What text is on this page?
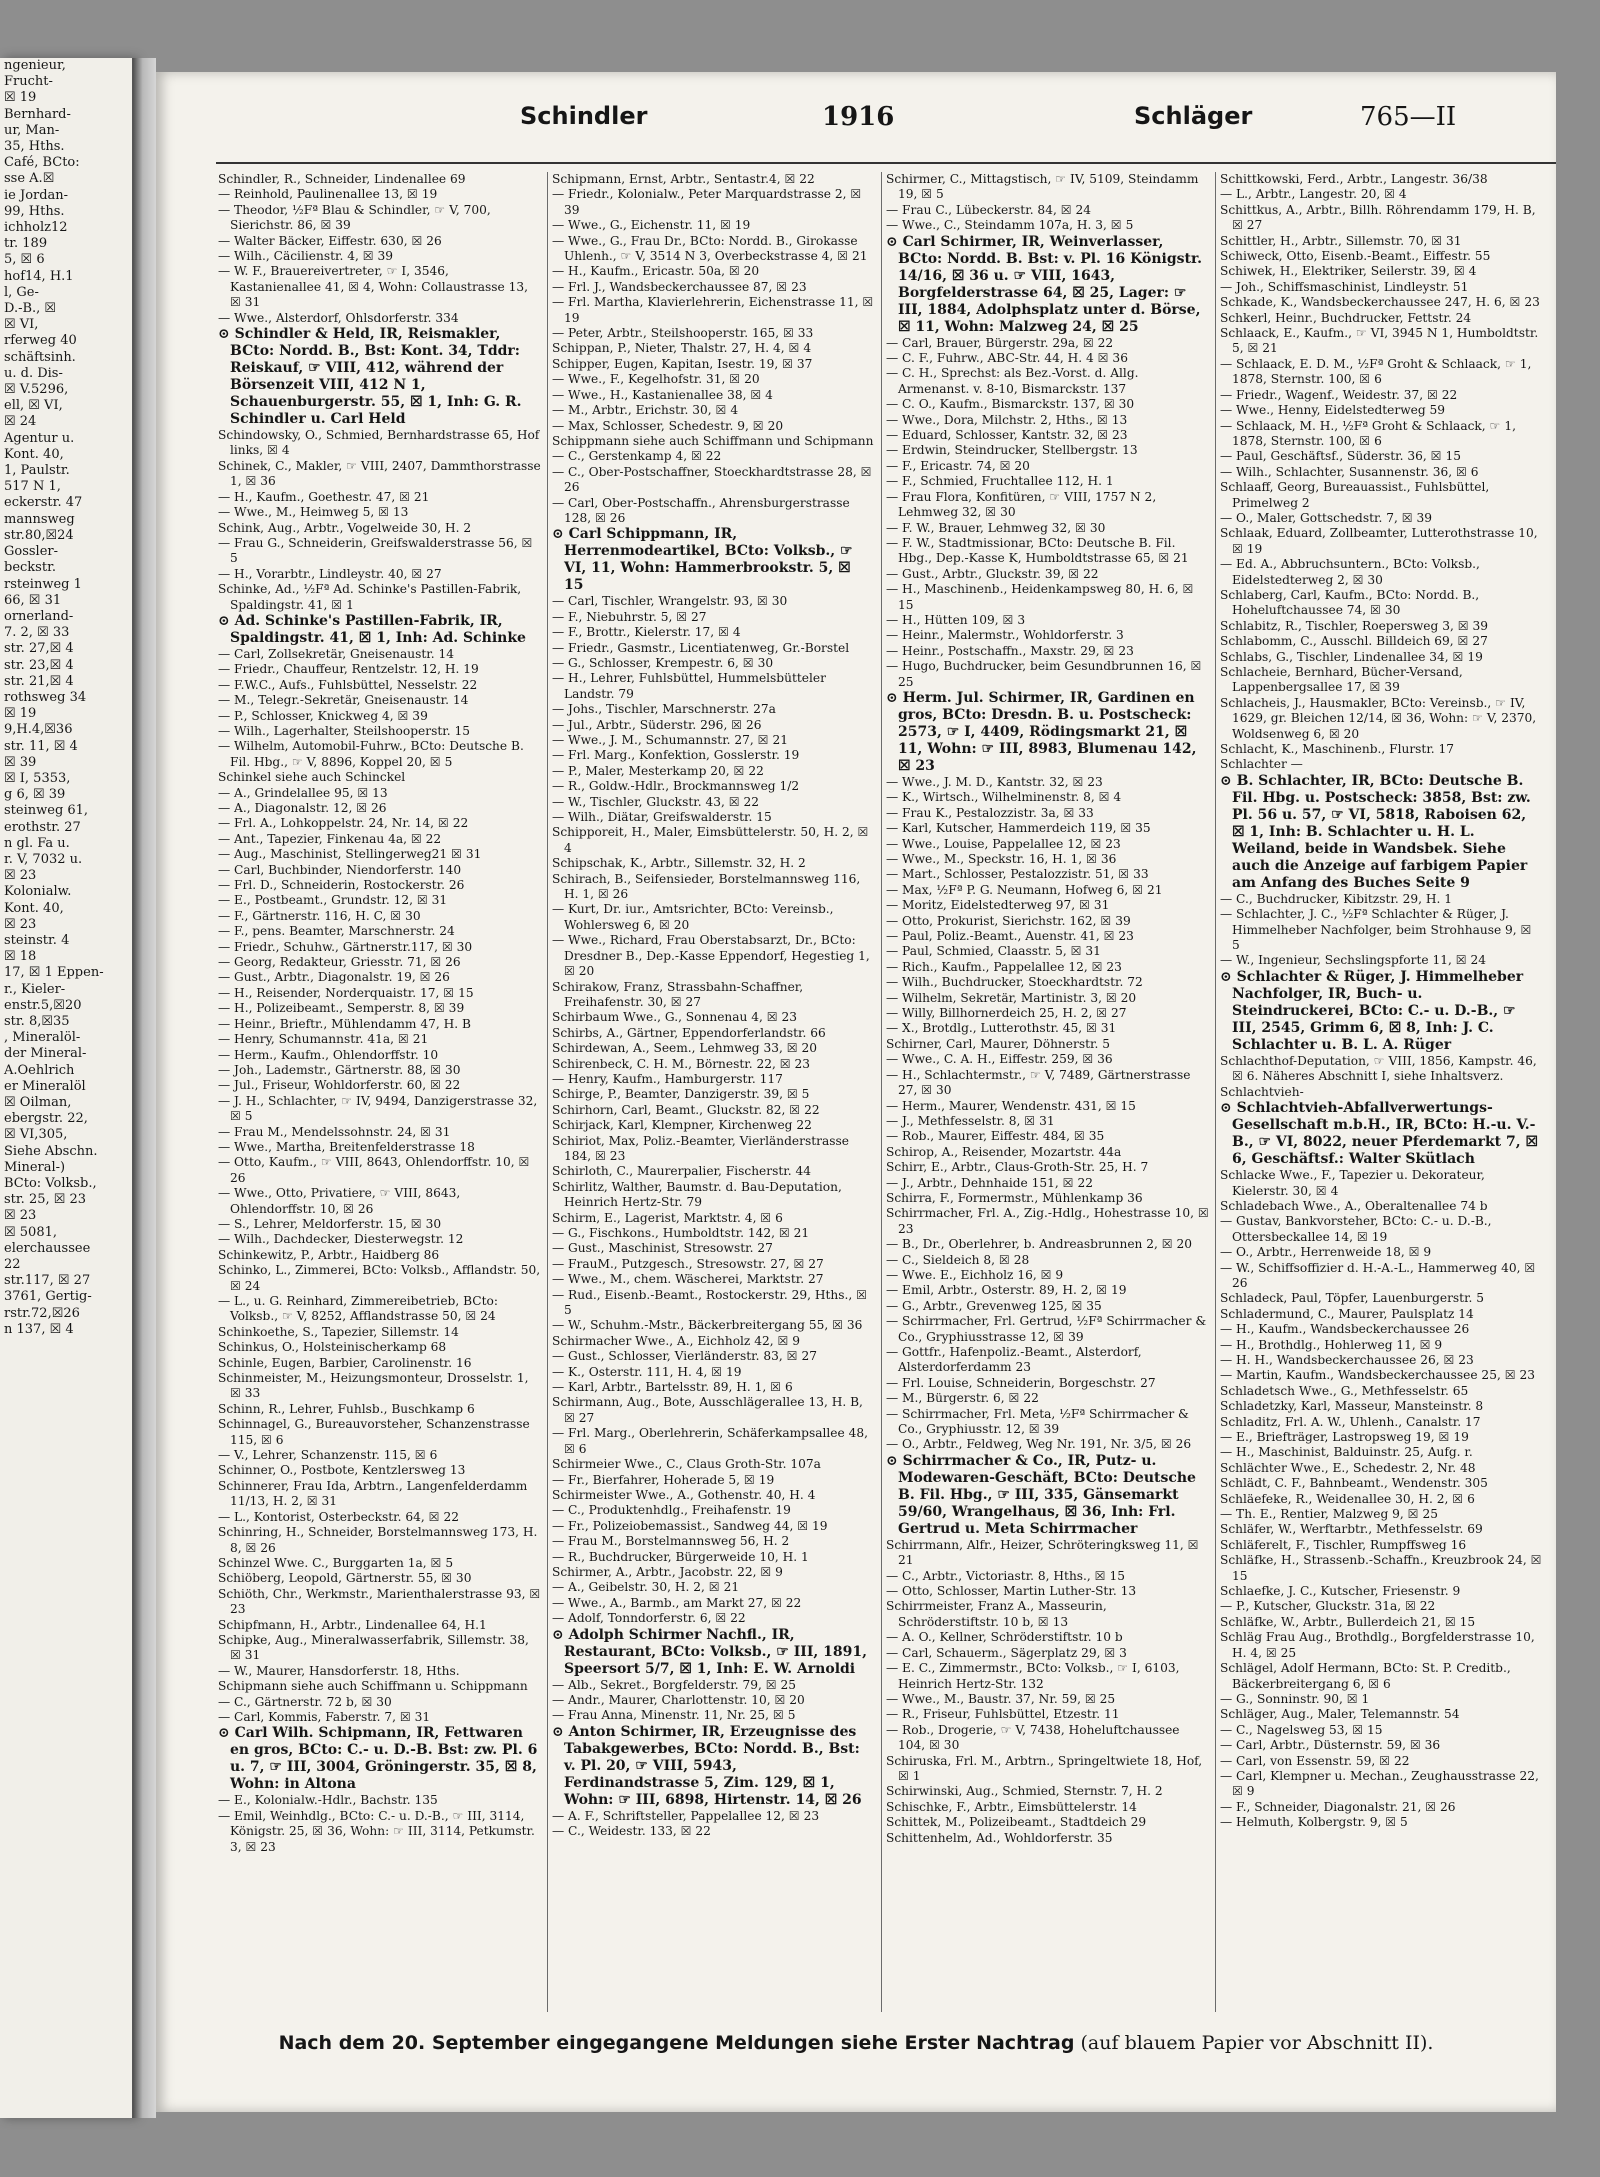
ngenieur,
Frucht-
☒ 19
Bernhard-
ur, Man-
35, Hths.
Café, BCto:
sse A.☒
ie Jordan-
99, Hths.
ichholz12
tr. 189
5, ☒ 6
hof14, H.1
l, Ge-
D.-B., ☒
☒ VI,
rferweg 40
schäftsinh.
u. d. Dis-
☒ V.5296,
ell, ☒ VI,
☒ 24
Agentur u.
Kont. 40,
1, Paulstr.
517 N 1,
eckerstr. 47
mannsweg
str.80,☒24
Gossler-
beckstr.
rsteinweg 1
66, ☒ 31
ornerland-
7. 2, ☒ 33
str. 27,☒ 4
str. 23,☒ 4
str. 21,☒ 4
rothsweg 34
☒ 19
9,H.4,☒36
str. 11, ☒ 4
☒ 39
☒ I, 5353,
g 6, ☒ 39
steinweg 61,
erothstr. 27
n gl. Fa u.
r. V, 7032 u.
☒ 23
Kolonialw.
Kont. 40,
☒ 23
steinstr. 4
☒ 18
17, ☒ 1 Eppen-
r., Kieler-
enstr.5,☒20
str. 8,☒35
, Mineralöl-
der Mineral-
A.Oehlrich
er Mineralöl
☒ Oilman,
ebergstr. 22,
☒ VI,305,
Siehe Abschn.
Mineral-)
BCto: Volksb.,
str. 25, ☒ 23
☒ 23
☒ 5081,
elerchaussee
22
str.117, ☒ 27
3761, Gertig-
rstr.72,☒26
n 137, ☒ 4
Schindler	1916	Schläger	765—II

Schindler, R., Schneider, Lindenallee 69

— Reinhold, Paulinenallee 13, ☒ 19

— Theodor, ½Fª Blau & Schindler, ☞ V, 700, Sierichstr. 86, ☒ 39

— Walter Bäcker, Eiffestr. 630, ☒ 26

— Wilh., Cäcilienstr. 4, ☒ 39

— W. F., Brauereivertreter, ☞ I, 3546, Kastanienallee 41, ☒ 4, Wohn: Collaustrasse 13, ☒ 31

— Wwe., Alsterdorf, Ohlsdorferstr. 334

⊙ Schindler & Held, IR, Reismakler, BCto: Nordd. B., Bst: Kont. 34, Tddr: Reiskauf, ☞ VIII, 412, während der Börsenzeit VIII, 412 N 1, Schauenburgerstr. 55, ☒ 1, Inh: G. R. Schindler u. Carl Held

Schindowsky, O., Schmied, Bernhardstrasse 65, Hof links, ☒ 4

Schinek, C., Makler, ☞ VIII, 2407, Dammthorstrasse 1, ☒ 36

— H., Kaufm., Goethestr. 47, ☒ 21

— Wwe., M., Heimweg 5, ☒ 13

Schink, Aug., Arbtr., Vogelweide 30, H. 2

— Frau G., Schneiderin, Greifswalderstrasse 56, ☒ 5

— H., Vorarbtr., Lindleystr. 40, ☒ 27

Schinke, Ad., ½Fª Ad. Schinke's Pastillen-Fabrik, Spaldingstr. 41, ☒ 1

⊙ Ad. Schinke's Pastillen-Fabrik, IR, Spaldingstr. 41, ☒ 1, Inh: Ad. Schinke

— Carl, Zollsekretär, Gneisenaustr. 14

— Friedr., Chauffeur, Rentzelstr. 12, H. 19

— F.W.C., Aufs., Fuhlsbüttel, Nesselstr. 22

— M., Telegr.-Sekretär, Gneisenaustr. 14

— P., Schlosser, Knickweg 4, ☒ 39

— Wilh., Lagerhalter, Steilshooperstr. 15

— Wilhelm, Automobil-Fuhrw., BCto: Deutsche B. Fil. Hbg., ☞ V, 8896, Koppel 20, ☒ 5

Schinkel siehe auch Schinckel

— A., Grindelallee 95, ☒ 13

— A., Diagonalstr. 12, ☒ 26

— Frl. A., Lohkoppelstr. 24, Nr. 14, ☒ 22

— Ant., Tapezier, Finkenau 4a, ☒ 22

— Aug., Maschinist, Stellingerweg21 ☒ 31

— Carl, Buchbinder, Niendorferstr. 140

— Frl. D., Schneiderin, Rostockerstr. 26

— E., Postbeamt., Grundstr. 12, ☒ 31

— F., Gärtnerstr. 116, H. C, ☒ 30

— F., pens. Beamter, Marschnerstr. 24

— Friedr., Schuhw., Gärtnerstr.117, ☒ 30

— Georg, Redakteur, Griesstr. 71, ☒ 26

— Gust., Arbtr., Diagonalstr. 19, ☒ 26

— H., Reisender, Norderquaistr. 17, ☒ 15

— H., Polizeibeamt., Semperstr. 8, ☒ 39

— Heinr., Brieftr., Mühlendamm 47, H. B

— Henry, Schumannstr. 41a, ☒ 21

— Herm., Kaufm., Ohlendorffstr. 10

— Joh., Lademstr., Gärtnerstr. 88, ☒ 30

— Jul., Friseur, Wohldorferstr. 60, ☒ 22

— J. H., Schlachter, ☞ IV, 9494, Danzigerstrasse 32, ☒ 5

— Frau M., Mendelssohnstr. 24, ☒ 31

— Wwe., Martha, Breitenfelderstrasse 18

— Otto, Kaufm., ☞ VIII, 8643, Ohlendorffstr. 10, ☒ 26

— Wwe., Otto, Privatiere, ☞ VIII, 8643, Ohlendorffstr. 10, ☒ 26

— S., Lehrer, Meldorferstr. 15, ☒ 30

— Wilh., Dachdecker, Diesterwegstr. 12

Schinkewitz, P., Arbtr., Haidberg 86

Schinko, L., Zimmerei, BCto: Volksb., Afflandstr. 50, ☒ 24

— L., u. G. Reinhard, Zimmereibetrieb, BCto: Volksb., ☞ V, 8252, Afflandstrasse 50, ☒ 24

Schinkoethe, S., Tapezier, Sillemstr. 14

Schinkus, O., Holsteinischerkamp 68

Schinle, Eugen, Barbier, Carolinenstr. 16

Schinmeister, M., Heizungsmonteur, Drosselstr. 1, ☒ 33

Schinn, R., Lehrer, Fuhlsb., Buschkamp 6

Schinnagel, G., Bureauvorsteher, Schanzenstrasse 115, ☒ 6

— V., Lehrer, Schanzenstr. 115, ☒ 6

Schinner, O., Postbote, Kentzlersweg 13

Schinnerer, Frau Ida, Arbtrn., Langenfelderdamm 11/13, H. 2, ☒ 31

— L., Kontorist, Osterbeckstr. 64, ☒ 22

Schinring, H., Schneider, Borstelmannsweg 173, H. 8, ☒ 26

Schinzel Wwe. C., Burggarten 1a, ☒ 5

Schiöberg, Leopold, Gärtnerstr. 55, ☒ 30

Schiöth, Chr., Werkmstr., Marienthalerstrasse 93, ☒ 23

Schipfmann, H., Arbtr., Lindenallee 64, H.1

Schipke, Aug., Mineralwasserfabrik, Sillemstr. 38, ☒ 31

— W., Maurer, Hansdorferstr. 18, Hths.

Schipmann siehe auch Schiffmann u. Schippmann

— C., Gärtnerstr. 72 b, ☒ 30

— Carl, Kommis, Faberstr. 7, ☒ 31

⊙ Carl Wilh. Schipmann, IR, Fettwaren en gros, BCto: C.- u. D.-B. Bst: zw. Pl. 6 u. 7, ☞ III, 3004, Gröningerstr. 35, ☒ 8, Wohn: in Altona

— E., Kolonialw.-Hdlr., Bachstr. 135

— Emil, Weinhdlg., BCto: C.- u. D.-B., ☞ III, 3114, Königstr. 25, ☒ 36, Wohn: ☞ III, 3114, Petkumstr. 3, ☒ 23

Schipmann, Ernst, Arbtr., Sentastr.4, ☒ 22

— Friedr., Kolonialw., Peter Marquardstrasse 2, ☒ 39

— Wwe., G., Eichenstr. 11, ☒ 19

— Wwe., G., Frau Dr., BCto: Nordd. B., Girokasse Uhlenh., ☞ V, 3514 N 3, Overbeckstrasse 4, ☒ 21

— H., Kaufm., Ericastr. 50a, ☒ 20

— Frl. J., Wandsbeckerchaussee 87, ☒ 23

— Frl. Martha, Klavierlehrerin, Eichenstrasse 11, ☒ 19

— Peter, Arbtr., Steilshooperstr. 165, ☒ 33

Schippan, P., Nieter, Thalstr. 27, H. 4, ☒ 4

Schipper, Eugen, Kapitan, Isestr. 19, ☒ 37

— Wwe., F., Kegelhofstr. 31, ☒ 20

— Wwe., H., Kastanienallee 38, ☒ 4

— M., Arbtr., Erichstr. 30, ☒ 4

— Max, Schlosser, Schedestr. 9, ☒ 20

Schippmann siehe auch Schiffmann und Schipmann

— C., Gerstenkamp 4, ☒ 22

— C., Ober-Postschaffner, Stoeckhardtstrasse 28, ☒ 26

— Carl, Ober-Postschaffn., Ahrensburgerstrasse 128, ☒ 26

⊙ Carl Schippmann, IR, Herrenmodeartikel, BCto: Volksb., ☞ VI, 11, Wohn: Hammerbrookstr. 5, ☒ 15

— Carl, Tischler, Wrangelstr. 93, ☒ 30

— F., Niebuhrstr. 5, ☒ 27

— F., Brottr., Kielerstr. 17, ☒ 4

— Friedr., Gasmstr., Licentiatenweg, Gr.-Borstel

— G., Schlosser, Krempestr. 6, ☒ 30

— H., Lehrer, Fuhlsbüttel, Hummelsbütteler Landstr. 79

— Johs., Tischler, Marschnerstr. 27a

— Jul., Arbtr., Süderstr. 296, ☒ 26

— Wwe., J. M., Schumannstr. 27, ☒ 21

— Frl. Marg., Konfektion, Gosslerstr. 19

— P., Maler, Mesterkamp 20, ☒ 22

— R., Goldw.-Hdlr., Brockmannsweg 1/2

— W., Tischler, Gluckstr. 43, ☒ 22

— Wilh., Diätar, Greifswalderstr. 15

Schipporeit, H., Maler, Eimsbüttelerstr. 50, H. 2, ☒ 4

Schipschak, K., Arbtr., Sillemstr. 32, H. 2

Schirach, B., Seifensieder, Borstelmannsweg 116, H. 1, ☒ 26

— Kurt, Dr. iur., Amtsrichter, BCto: Vereinsb., Wohlersweg 6, ☒ 20

— Wwe., Richard, Frau Oberstabsarzt, Dr., BCto: Dresdner B., Dep.-Kasse Eppendorf, Hegestieg 1, ☒ 20

Schirakow, Franz, Strassbahn-Schaffner, Freihafenstr. 30, ☒ 27

Schirbaum Wwe., G., Sonnenau 4, ☒ 23

Schirbs, A., Gärtner, Eppendorferlandstr. 66

Schirdewan, A., Seem., Lehmweg 33, ☒ 20

Schirenbeck, C. H. M., Börnestr. 22, ☒ 23

— Henry, Kaufm., Hamburgerstr. 117

Schirge, P., Beamter, Danzigerstr. 39, ☒ 5

Schirhorn, Carl, Beamt., Gluckstr. 82, ☒ 22

Schirjack, Karl, Klempner, Kirchenweg 22

Schiriot, Max, Poliz.-Beamter, Vierländerstrasse 184, ☒ 23

Schirloth, C., Maurerpalier, Fischerstr. 44

Schirlitz, Walther, Baumstr. d. Bau-Deputation, Heinrich Hertz-Str. 79

Schirm, E., Lagerist, Marktstr. 4, ☒ 6

— G., Fischkons., Humboldtstr. 142, ☒ 21

— Gust., Maschinist, Stresowstr. 27

— FrauM., Putzgesch., Stresowstr. 27, ☒ 27

— Wwe., M., chem. Wäscherei, Marktstr. 27

— Rud., Eisenb.-Beamt., Rostockerstr. 29, Hths., ☒ 5

— W., Schuhm.-Mstr., Bäckerbreitergang 55, ☒ 36

Schirmacher Wwe., A., Eichholz 42, ☒ 9

— Gust., Schlosser, Vierländerstr. 83, ☒ 27

— K., Osterstr. 111, H. 4, ☒ 19

— Karl, Arbtr., Bartelsstr. 89, H. 1, ☒ 6

Schirmann, Aug., Bote, Ausschlägerallee 13, H. B, ☒ 27

— Frl. Marg., Oberlehrerin, Schäferkampsallee 48, ☒ 6

Schirmeier Wwe., C., Claus Groth-Str. 107a

— Fr., Bierfahrer, Hoherade 5, ☒ 19

Schirmeister Wwe., A., Gothenstr. 40, H. 4

— C., Produktenhdlg., Freihafenstr. 19

— Fr., Polizeiobemassist., Sandweg 44, ☒ 19

— Frau M., Borstelmannsweg 56, H. 2

— R., Buchdrucker, Bürgerweide 10, H. 1

Schirmer, A., Arbtr., Jacobstr. 22, ☒ 9

— A., Geibelstr. 30, H. 2, ☒ 21

— Wwe., A., Barmb., am Markt 27, ☒ 22

— Adolf, Tonndorferstr. 6, ☒ 22

⊙ Adolph Schirmer Nachfl., IR, Restaurant, BCto: Volksb., ☞ III, 1891, Speersort 5/7, ☒ 1, Inh: E. W. Arnoldi

— Alb., Sekret., Borgfelderstr. 79, ☒ 25

— Andr., Maurer, Charlottenstr. 10, ☒ 20

— Frau Anna, Minenstr. 11, Nr. 25, ☒ 5

⊙ Anton Schirmer, IR, Erzeugnisse des Tabakgewerbes, BCto: Nordd. B., Bst: v. Pl. 20, ☞ VIII, 5943, Ferdinandstrasse 5, Zim. 129, ☒ 1, Wohn: ☞ III, 6898, Hirtenstr. 14, ☒ 26

— A. F., Schriftsteller, Pappelallee 12, ☒ 23

— C., Weidestr. 133, ☒ 22

Schirmer, C., Mittagstisch, ☞ IV, 5109, Steindamm 19, ☒ 5

— Frau C., Lübeckerstr. 84, ☒ 24

— Wwe., C., Steindamm 107a, H. 3, ☒ 5

⊙ Carl Schirmer, IR, Weinverlasser, BCto: Nordd. B. Bst: v. Pl. 16 Königstr. 14/16, ☒ 36 u. ☞ VIII, 1643, Borgfelderstrasse 64, ☒ 25, Lager: ☞ III, 1884, Adolphsplatz unter d. Börse, ☒ 11, Wohn: Malzweg 24, ☒ 25

— Carl, Brauer, Bürgerstr. 29a, ☒ 22

— C. F., Fuhrw., ABC-Str. 44, H. 4 ☒ 36

— C. H., Sprechst: als Bez.-Vorst. d. Allg. Armenanst. v. 8-10, Bismarckstr. 137

— C. O., Kaufm., Bismarckstr. 137, ☒ 30

— Wwe., Dora, Milchstr. 2, Hths., ☒ 13

— Eduard, Schlosser, Kantstr. 32, ☒ 23

— Erdwin, Steindrucker, Stellbergstr. 13

— F., Ericastr. 74, ☒ 20

— F., Schmied, Fruchtallee 112, H. 1

— Frau Flora, Konfitüren, ☞ VIII, 1757 N 2, Lehmweg 32, ☒ 30

— F. W., Brauer, Lehmweg 32, ☒ 30

— F. W., Stadtmissionar, BCto: Deutsche B. Fil. Hbg., Dep.-Kasse K, Humboldtstrasse 65, ☒ 21

— Gust., Arbtr., Gluckstr. 39, ☒ 22

— H., Maschinenb., Heidenkampsweg 80, H. 6, ☒ 15

— H., Hütten 109, ☒ 3

— Heinr., Malermstr., Wohldorferstr. 3

— Heinr., Postschaffn., Maxstr. 29, ☒ 23

— Hugo, Buchdrucker, beim Gesundbrunnen 16, ☒ 25

⊙ Herm. Jul. Schirmer, IR, Gardinen en gros, BCto: Dresdn. B. u. Postscheck: 2573, ☞ I, 4409, Rödingsmarkt 21, ☒ 11, Wohn: ☞ III, 8983, Blumenau 142, ☒ 23

— Wwe., J. M. D., Kantstr. 32, ☒ 23

— K., Wirtsch., Wilhelminenstr. 8, ☒ 4

— Frau K., Pestalozzistr. 3a, ☒ 33

— Karl, Kutscher, Hammerdeich 119, ☒ 35

— Wwe., Louise, Pappelallee 12, ☒ 23

— Wwe., M., Speckstr. 16, H. 1, ☒ 36

— Mart., Schlosser, Pestalozzistr. 51, ☒ 33

— Max, ½Fª P. G. Neumann, Hofweg 6, ☒ 21

— Moritz, Eidelstedterweg 97, ☒ 31

— Otto, Prokurist, Sierichstr. 162, ☒ 39

— Paul, Poliz.-Beamt., Auenstr. 41, ☒ 23

— Paul, Schmied, Claasstr. 5, ☒ 31

— Rich., Kaufm., Pappelallee 12, ☒ 23

— Wilh., Buchdrucker, Stoeckhardtstr. 72

— Wilhelm, Sekretär, Martinistr. 3, ☒ 20

— Willy, Billhornerdeich 25, H. 2, ☒ 27

— X., Brotdlg., Lutterothstr. 45, ☒ 31

Schirner, Carl, Maurer, Döhnerstr. 5

— Wwe., C. A. H., Eiffestr. 259, ☒ 36

— H., Schlachtermstr., ☞ V, 7489, Gärtnerstrasse 27, ☒ 30

— Herm., Maurer, Wendenstr. 431, ☒ 15

— J., Methfesselstr. 8, ☒ 31

— Rob., Maurer, Eiffestr. 484, ☒ 35

Schirop, A., Reisender, Mozartstr. 44a

Schirr, E., Arbtr., Claus-Groth-Str. 25, H. 7

— J., Arbtr., Dehnhaide 151, ☒ 22

Schirra, F., Formermstr., Mühlenkamp 36

Schirrmacher, Frl. A., Zig.-Hdlg., Hohestrasse 10, ☒ 23

— B., Dr., Oberlehrer, b. Andreasbrunnen 2, ☒ 20

— C., Sieldeich 8, ☒ 28

— Wwe. E., Eichholz 16, ☒ 9

— Emil, Arbtr., Osterstr. 89, H. 2, ☒ 19

— G., Arbtr., Grevenweg 125, ☒ 35

— Schirrmacher, Frl. Gertrud, ½Fª Schirrmacher & Co., Gryphiusstrasse 12, ☒ 39

— Gottfr., Hafenpoliz.-Beamt., Alsterdorf, Alsterdorferdamm 23

— Frl. Louise, Schneiderin, Borgeschstr. 27

— M., Bürgerstr. 6, ☒ 22

— Schirrmacher, Frl. Meta, ½Fª Schirrmacher & Co., Gryphiusstr. 12, ☒ 39

— O., Arbtr., Feldweg, Weg Nr. 191, Nr. 3/5, ☒ 26

⊙ Schirrmacher & Co., IR, Putz- u. Modewaren-Geschäft, BCto: Deutsche B. Fil. Hbg., ☞ III, 335, Gänsemarkt 59/60, Wrangelhaus, ☒ 36, Inh: Frl. Gertrud u. Meta Schirrmacher

Schirrmann, Alfr., Heizer, Schröteringksweg 11, ☒ 21

— C., Arbtr., Victoriastr. 8, Hths., ☒ 15

— Otto, Schlosser, Martin Luther-Str. 13

Schirrmeister, Franz A., Masseurin, Schröderstiftstr. 10 b, ☒ 13

— A. O., Kellner, Schröderstiftstr. 10 b

— Carl, Schauerm., Sägerplatz 29, ☒ 3

— E. C., Zimmermstr., BCto: Volksb., ☞ I, 6103, Heinrich Hertz-Str. 132

— Wwe., M., Baustr. 37, Nr. 59, ☒ 25

— R., Friseur, Fuhlsbüttel, Etzestr. 11

— Rob., Drogerie, ☞ V, 7438, Hoheluftchaussee 104, ☒ 30

Schiruska, Frl. M., Arbtrn., Springeltwiete 18, Hof, ☒ 1

Schirwinski, Aug., Schmied, Sternstr. 7, H. 2

Schischke, F., Arbtr., Eimsbüttelerstr. 14

Schittek, M., Polizeibeamt., Stadtdeich 29

Schittenhelm, Ad., Wohldorferstr. 35

Schittkowski, Ferd., Arbtr., Langestr. 36/38

— L., Arbtr., Langestr. 20, ☒ 4

Schittkus, A., Arbtr., Billh. Röhrendamm 179, H. B, ☒ 27

Schittler, H., Arbtr., Sillemstr. 70, ☒ 31

Schiweck, Otto, Eisenb.-Beamt., Eiffestr. 55

Schiwek, H., Elektriker, Seilerstr. 39, ☒ 4

— Joh., Schiffsmaschinist, Lindleystr. 51

Schkade, K., Wandsbeckerchaussee 247, H. 6, ☒ 23

Schkerl, Heinr., Buchdrucker, Fettstr. 24

Schlaack, E., Kaufm., ☞ VI, 3945 N 1, Humboldtstr. 5, ☒ 21

— Schlaack, E. D. M., ½Fª Groht & Schlaack, ☞ 1, 1878, Sternstr. 100, ☒ 6

— Friedr., Wagenf., Weidestr. 37, ☒ 22

— Wwe., Henny, Eidelstedterweg 59

— Schlaack, M. H., ½Fª Groht & Schlaack, ☞ 1, 1878, Sternstr. 100, ☒ 6

— Paul, Geschäftsf., Süderstr. 36, ☒ 15

— Wilh., Schlachter, Susannenstr. 36, ☒ 6

Schlaaff, Georg, Bureauassist., Fuhlsbüttel, Primelweg 2

— O., Maler, Gottschedstr. 7, ☒ 39

Schlaak, Eduard, Zollbeamter, Lutterothstrasse 10, ☒ 19

— Ed. A., Abbruchsuntern., BCto: Volksb., Eidelstedterweg 2, ☒ 30

Schlaberg, Carl, Kaufm., BCto: Nordd. B., Hoheluftchaussee 74, ☒ 30

Schlabitz, R., Tischler, Roepersweg 3, ☒ 39

Schlabomm, C., Ausschl. Billdeich 69, ☒ 27

Schlabs, G., Tischler, Lindenallee 34, ☒ 19

Schlacheie, Bernhard, Bücher-Versand, Lappenbergsallee 17, ☒ 39

Schlacheis, J., Hausmakler, BCto: Vereinsb., ☞ IV, 1629, gr. Bleichen 12/14, ☒ 36, Wohn: ☞ V, 2370, Woldsenweg 6, ☒ 20

Schlacht, K., Maschinenb., Flurstr. 17

Schlachter —

⊙ B. Schlachter, IR, BCto: Deutsche B. Fil. Hbg. u. Postscheck: 3858, Bst: zw. Pl. 56 u. 57, ☞ VI, 5818, Raboisen 62, ☒ 1, Inh: B. Schlachter u. H. L. Weiland, beide in Wandsbek. Siehe auch die Anzeige auf farbigem Papier am Anfang des Buches Seite 9

— C., Buchdrucker, Kibitzstr. 29, H. 1

— Schlachter, J. C., ½Fª Schlachter & Rüger, J. Himmelheber Nachfolger, beim Strohhause 9, ☒ 5

— W., Ingenieur, Sechslingspforte 11, ☒ 24

⊙ Schlachter & Rüger, J. Himmelheber Nachfolger, IR, Buch- u. Steindruckerei, BCto: C.- u. D.-B., ☞ III, 2545, Grimm 6, ☒ 8, Inh: J. C. Schlachter u. B. L. A. Rüger

Schlachthof-Deputation, ☞ VIII, 1856, Kampstr. 46, ☒ 6. Näheres Abschnitt I, siehe Inhaltsverz.

Schlachtvieh-

⊙ Schlachtvieh-Abfallverwertungs-Gesellschaft m.b.H., IR, BCto: H.-u. V.-B., ☞ VI, 8022, neuer Pferdemarkt 7, ☒ 6, Geschäftsf.: Walter Skütlach

Schlacke Wwe., F., Tapezier u. Dekorateur, Kielerstr. 30, ☒ 4

Schladebach Wwe., A., Oberaltenallee 74 b

— Gustav, Bankvorsteher, BCto: C.- u. D.-B., Ottersbeckallee 14, ☒ 19

— O., Arbtr., Herrenweide 18, ☒ 9

— W., Schiffsoffizier d. H.-A.-L., Hammerweg 40, ☒ 26

Schladeck, Paul, Töpfer, Lauenburgerstr. 5

Schladermund, C., Maurer, Paulsplatz 14

— H., Kaufm., Wandsbeckerchaussee 26

— H., Brothdlg., Hohlerweg 11, ☒ 9

— H. H., Wandsbeckerchaussee 26, ☒ 23

— Martin, Kaufm., Wandsbeckerchaussee 25, ☒ 23

Schladetsch Wwe., G., Methfesselstr. 65

Schladetzky, Karl, Masseur, Mansteinstr. 8

Schladitz, Frl. A. W., Uhlenh., Canalstr. 17

— E., Briefträger, Lastropsweg 19, ☒ 19

— H., Maschinist, Balduinstr. 25, Aufg. r.

Schlächter Wwe., E., Schedestr. 2, Nr. 48

Schlädt, C. F., Bahnbeamt., Wendenstr. 305

Schläefeke, R., Weidenallee 30, H. 2, ☒ 6

— Th. E., Rentier, Malzweg 9, ☒ 25

Schläfer, W., Werftarbtr., Methfesselstr. 69

Schläferelt, F., Tischler, Rumpffsweg 16

Schläfke, H., Strassenb.-Schaffn., Kreuzbrook 24, ☒ 15

Schlaefke, J. C., Kutscher, Friesenstr. 9

— P., Kutscher, Gluckstr. 31a, ☒ 22

Schläfke, W., Arbtr., Bullerdeich 21, ☒ 15

Schläg Frau Aug., Brothdlg., Borgfelderstrasse 10, H. 4, ☒ 25

Schlägel, Adolf Hermann, BCto: St. P. Creditb., Bäckerbreitergang 6, ☒ 6

— G., Sonninstr. 90, ☒ 1

Schläger, Aug., Maler, Telemannstr. 54

— C., Nagelsweg 53, ☒ 15

— Carl, Arbtr., Düsternstr. 59, ☒ 36

— Carl, von Essenstr. 59, ☒ 22

— Carl, Klempner u. Mechan., Zeughausstrasse 22, ☒ 9

— F., Schneider, Diagonalstr. 21, ☒ 26

— Helmuth, Kolbergstr. 9, ☒ 5

Nach dem 20. September eingegangene Meldungen siehe Erster Nachtrag (auf blauem Papier vor Abschnitt II).
